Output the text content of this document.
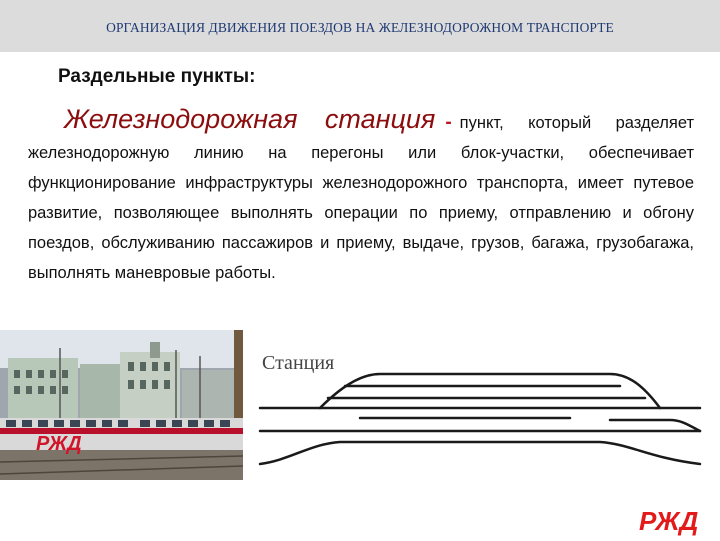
ОРГАНИЗАЦИЯ ДВИЖЕНИЯ ПОЕЗДОВ НА ЖЕЛЕЗНОДОРОЖНОМ ТРАНСПОРТЕ
Раздельные пункты:
Железнодорожная станция - пункт, который разделяет железнодорожную линию на перегоны или блок-участки, обеспечивает функционирование инфраструктуры железнодорожного транспорта, имеет путевое развитие, позволяющее выполнять операции по приему, отправлению и обгону поездов, обслуживанию пассажиров и приему, выдаче, грузов, багажа, грузобагажа, выполнять маневровые работы.
РЖД
Станция
РЖД
